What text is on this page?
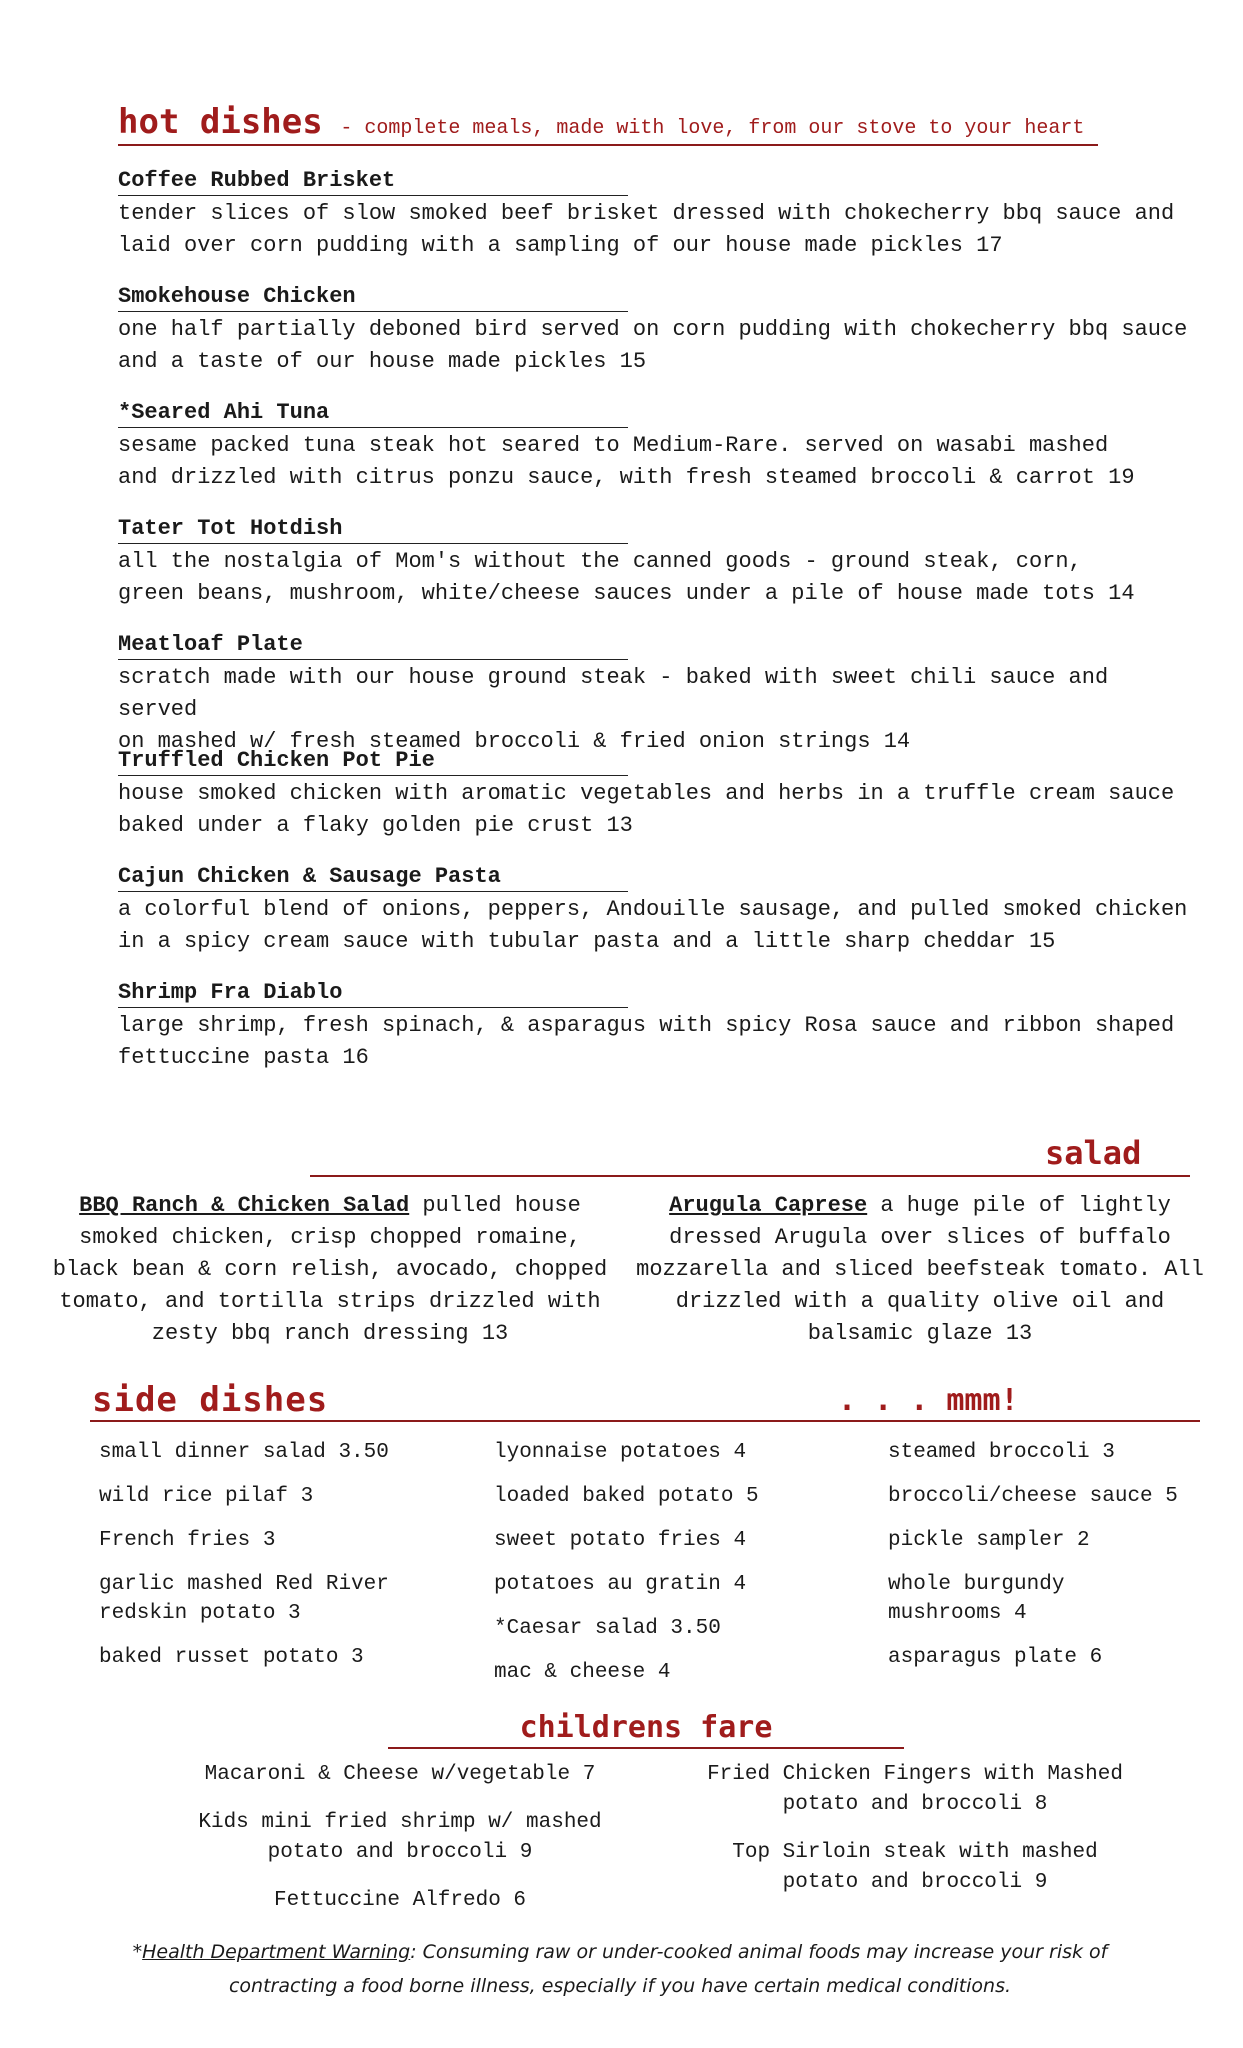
hot dishes - complete meals, made with love, from our stove to your heart
Coffee Rubbed Brisket

tender slices of slow smoked beef brisket dressed with chokecherry bbq sauce and
laid over corn pudding with a sampling of our house made pickles 17

Smokehouse Chicken

one half partially deboned bird served on corn pudding with chokecherry bbq sauce
and a taste of our house made pickles 15

*Seared Ahi Tuna

sesame packed tuna steak hot seared to Medium-Rare. served on wasabi mashed
and drizzled with citrus ponzu sauce, with fresh steamed broccoli & carrot 19

Tater Tot Hotdish

all the nostalgia of Mom's without the canned goods - ground steak, corn,
green beans, mushroom, white/cheese sauces under a pile of house made tots 14

Meatloaf Plate

scratch made with our house ground steak - baked with sweet chili sauce and served
on mashed w/ fresh steamed broccoli & fried onion strings 14

Truffled Chicken Pot Pie

house smoked chicken with aromatic vegetables and herbs in a truffle cream sauce
baked under a flaky golden pie crust 13

Cajun Chicken & Sausage Pasta

a colorful blend of onions, peppers, Andouille sausage, and pulled smoked chicken
in a spicy cream sauce with tubular pasta and a little sharp cheddar 15

Shrimp Fra Diablo

large shrimp, fresh spinach, & asparagus with spicy Rosa sauce and ribbon shaped
fettuccine pasta 16

salad
BBQ Ranch & Chicken Salad pulled house smoked chicken, crisp chopped romaine, black bean & corn relish, avocado, chopped tomato, and tortilla strips drizzled with zesty bbq ranch dressing 13
Arugula Caprese a huge pile of lightly dressed Arugula over slices of buffalo mozzarella and sliced beefsteak tomato. All drizzled with a quality olive oil and balsamic glaze 13
side dishes	. . . mmm!
small dinner salad 3.50
wild rice pilaf 3
French fries 3
garlic mashed Red River
redskin potato 3
baked russet potato 3
lyonnaise potatoes 4
loaded baked potato 5
sweet potato fries 4
potatoes au gratin 4
*Caesar salad 3.50
mac & cheese 4
steamed broccoli 3
broccoli/cheese sauce 5
pickle sampler 2
whole burgundy
mushrooms 4
asparagus plate 6
childrens fare
Macaroni & Cheese w/vegetable 7
Kids mini fried shrimp w/ mashed
potato and broccoli 9
Fettuccine Alfredo 6
Fried Chicken Fingers with Mashed
potato and broccoli 8
Top Sirloin steak with mashed
potato and broccoli 9
*Health Department Warning: Consuming raw or under-cooked animal foods may increase your risk of contracting a food borne illness, especially if you have certain medical conditions.
